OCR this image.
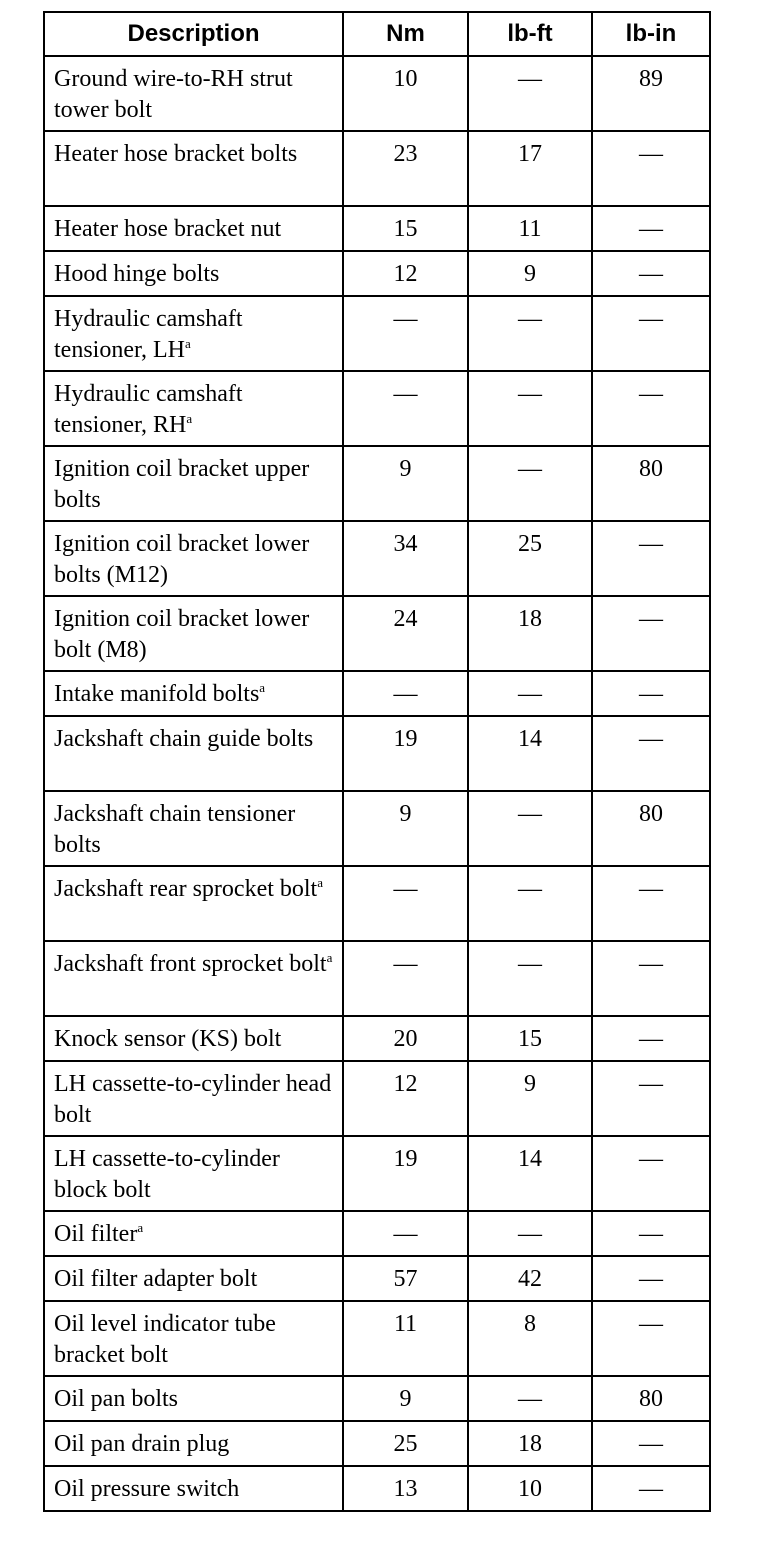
Description	Nm	lb-ft	lb-in
Ground wire-to-RH strut tower bolt	10	—	89
Heater hose bracket bolts	23	17	—
Heater hose bracket nut	15	11	—
Hood hinge bolts	12	9	—
Hydraulic camshaft tensioner, LH$^a$	—	—	—
Hydraulic camshaft tensioner, RH$^a$	—	—	—
Ignition coil bracket upper bolts	9	—	80
Ignition coil bracket lower bolts (M12)	34	25	—
Ignition coil bracket lower bolt (M8)	24	18	—
Intake manifold bolts$^a$	—	—	—
Jackshaft chain guide bolts	19	14	—
Jackshaft chain tensioner bolts	9	—	80
Jackshaft rear sprocket bolt$^a$	—	—	—
Jackshaft front sprocket bolt$^a$	—	—	—
Knock sensor (KS) bolt	20	15	—
LH cassette-to-cylinder head bolt	12	9	—
LH cassette-to-cylinder block bolt	19	14	—
Oil filter$^a$	—	—	—
Oil filter adapter bolt	57	42	—
Oil level indicator tube bracket bolt	11	8	—
Oil pan bolts	9	—	80
Oil pan drain plug	25	18	—
Oil pressure switch	13	10	—
